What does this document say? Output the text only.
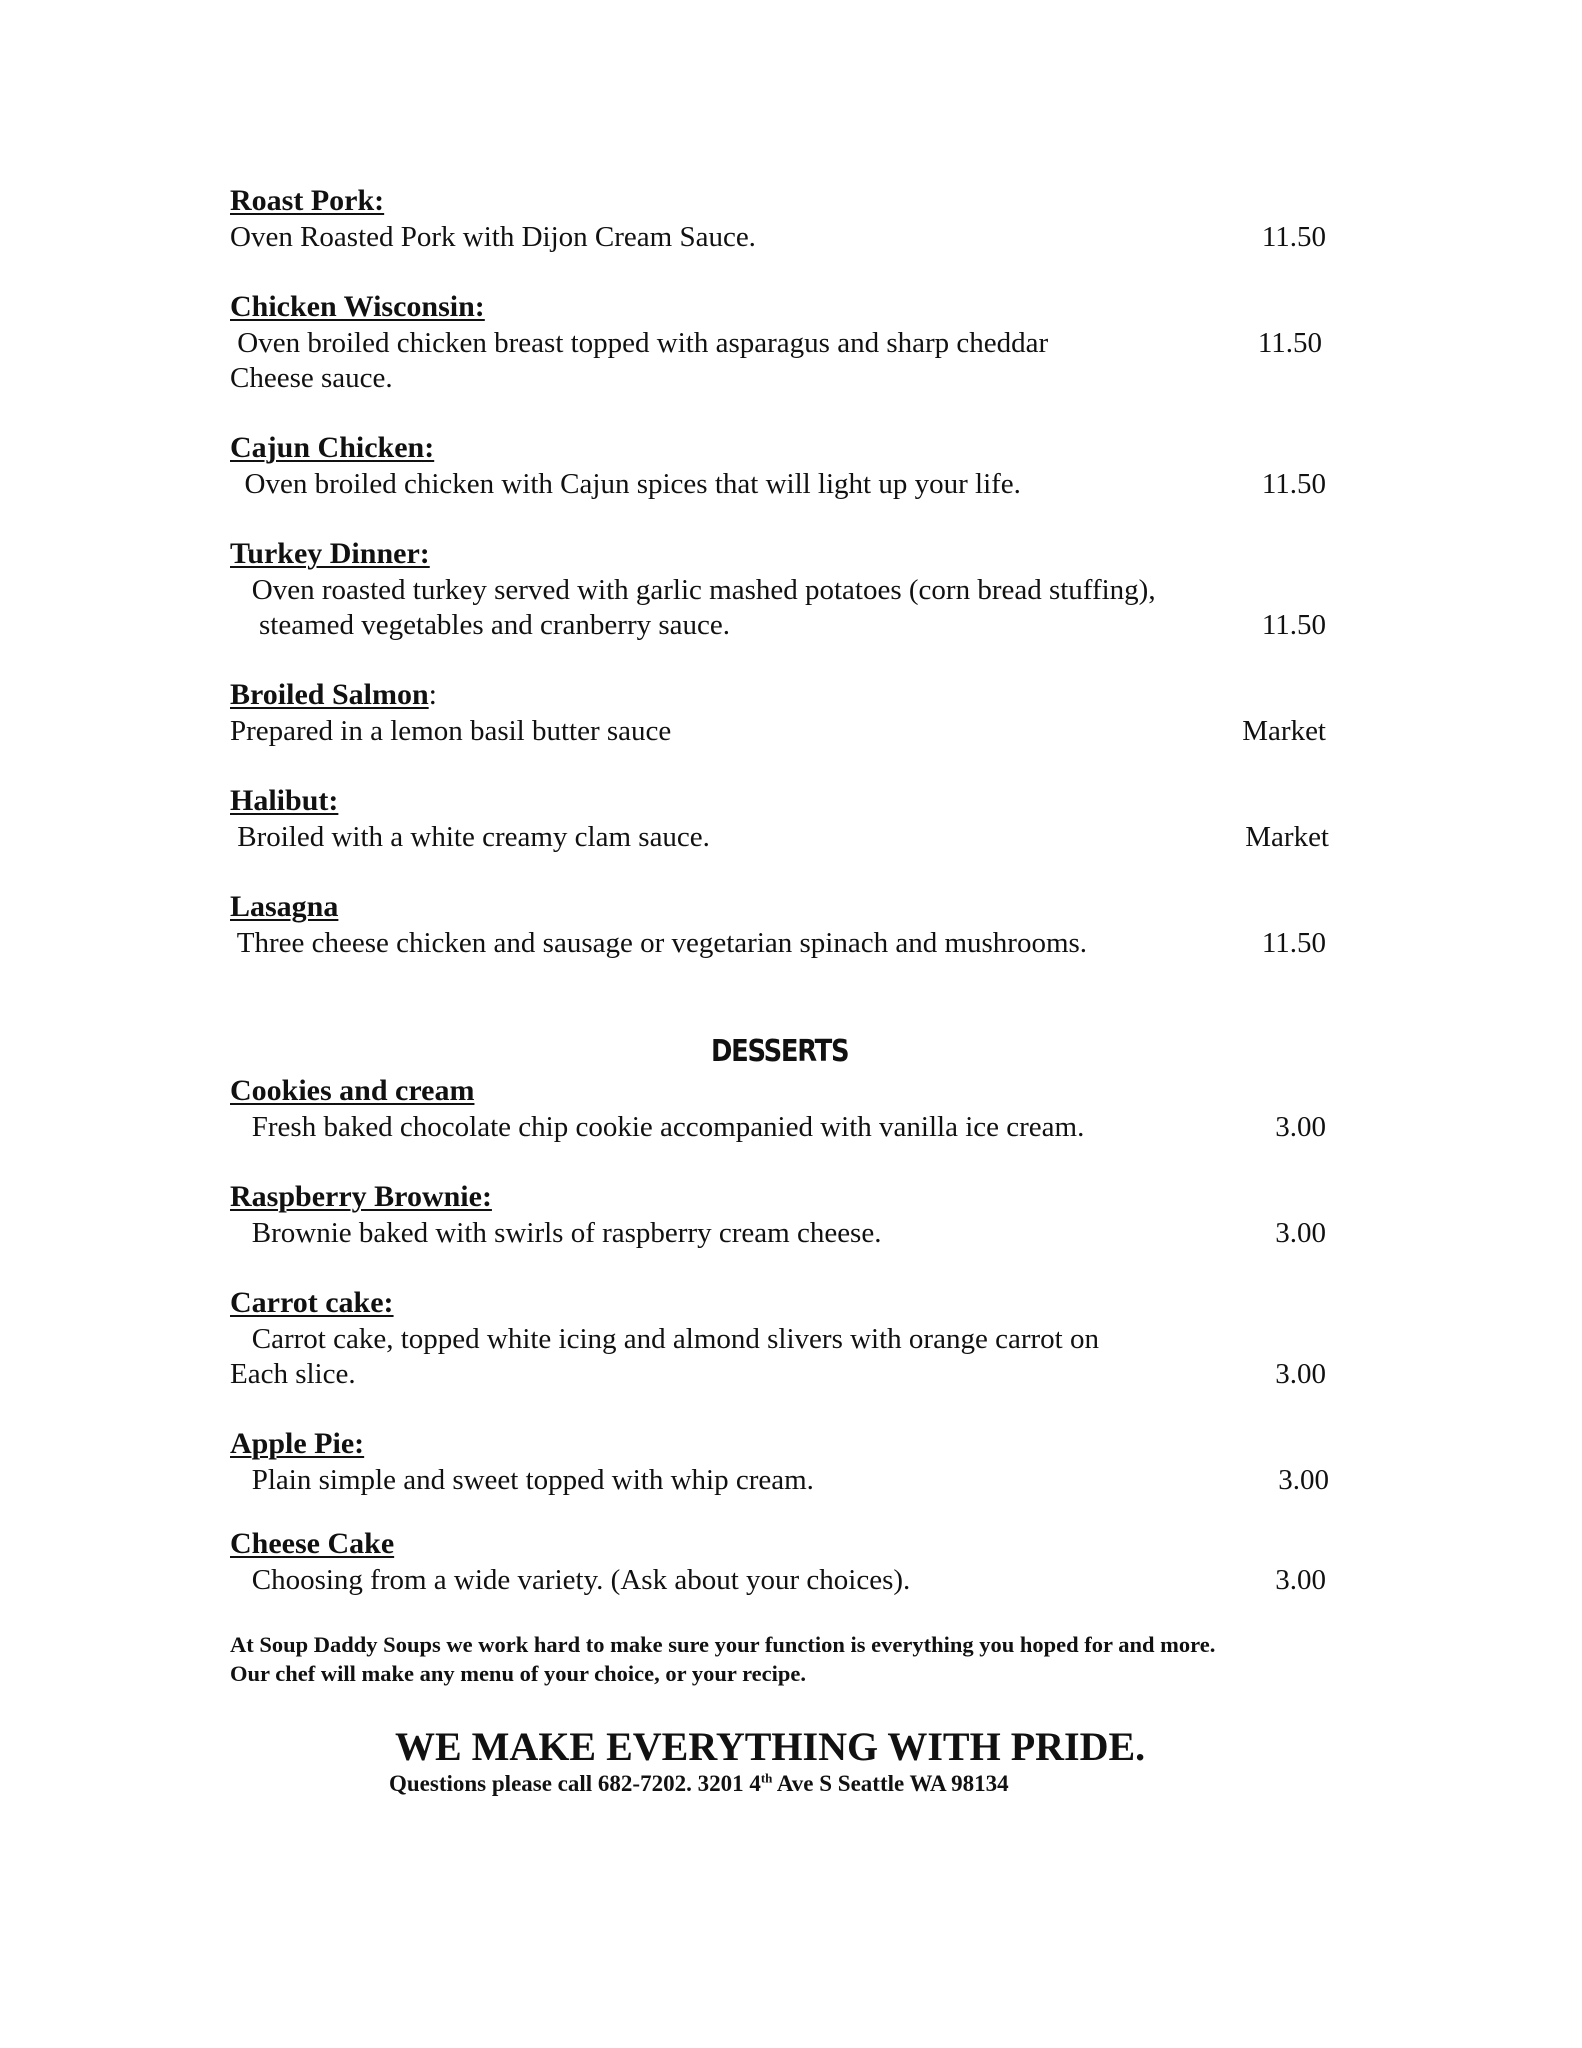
Roast Pork:
Oven Roasted Pork with Dijon Cream Sauce.	11.50
Chicken Wisconsin:
Oven broiled chicken breast topped with asparagus and sharp cheddar	11.50
Cheese sauce.
Cajun Chicken:
Oven broiled chicken with Cajun spices that will light up your life.	11.50
Turkey Dinner:
Oven roasted turkey served with garlic mashed potatoes (corn bread stuffing),
steamed vegetables and cranberry sauce.	11.50
Broiled Salmon:
Prepared in a lemon basil butter sauce	Market
Halibut:
Broiled with a white creamy clam sauce.	Market
Lasagna
Three cheese chicken and sausage or vegetarian spinach and mushrooms.	11.50
DESSERTS
Cookies and cream
Fresh baked chocolate chip cookie accompanied with vanilla ice cream.	3.00
Raspberry Brownie:
Brownie baked with swirls of raspberry cream cheese.	3.00
Carrot cake:
Carrot cake, topped white icing and almond slivers with orange carrot on
Each slice.	3.00
Apple Pie:
Plain simple and sweet topped with whip cream.	3.00
Cheese Cake
Choosing from a wide variety. (Ask about your choices).	3.00
At Soup Daddy Soups we work hard to make sure your function is everything you hoped for and more.
Our chef will make any menu of your choice, or your recipe.
WE MAKE EVERYTHING WITH PRIDE.
Questions please call 682-7202. 3201 4th Ave S Seattle WA 98134
